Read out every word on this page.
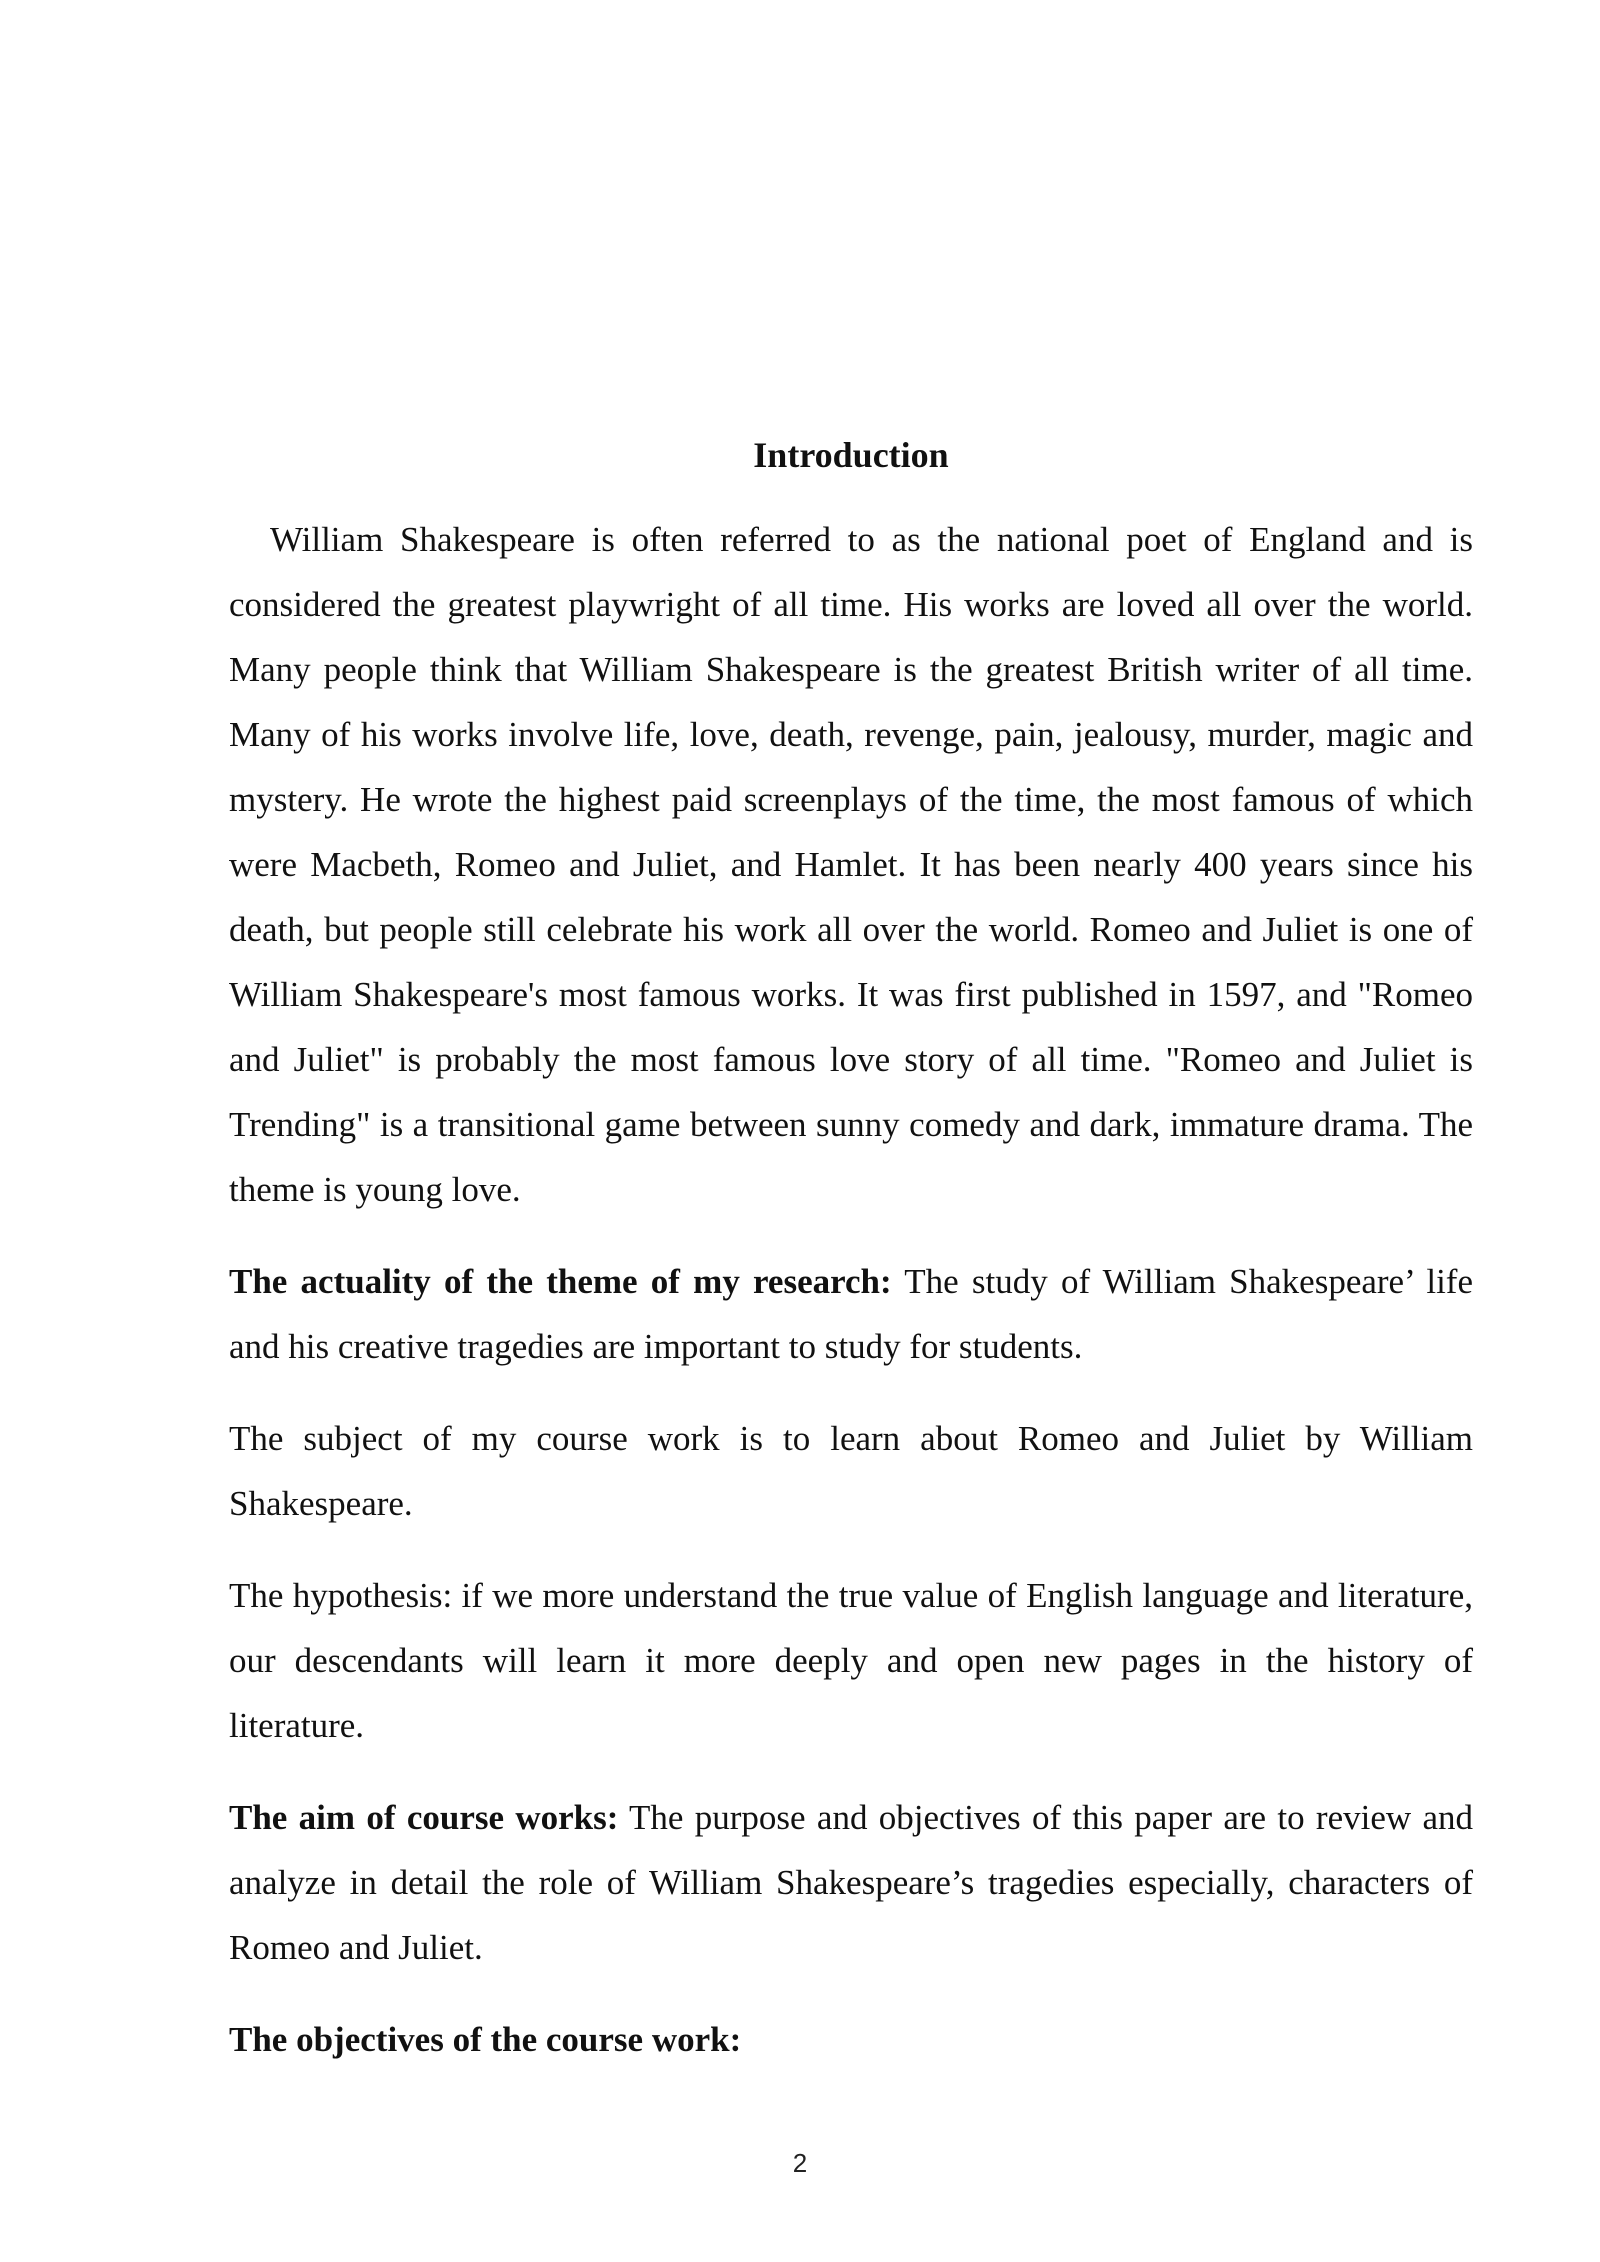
Introduction

William Shakespeare is often referred to as the national poet of England and is considered the greatest playwright of all time. His works are loved all over the world. Many people think that William Shakespeare is the greatest British writer of all time. Many of his works involve life, love, death, revenge, pain, jealousy, murder, magic and mystery. He wrote the highest paid screenplays of the time, the most famous of which were Macbeth, Romeo and Juliet, and Hamlet. It has been nearly 400 years since his death, but people still celebrate his work all over the world. Romeo and Juliet is one of William Shakespeare's most famous works. It was first published in 1597, and "Romeo and Juliet" is probably the most famous love story of all time. "Romeo and Juliet is Trending" is a transitional game between sunny comedy and dark, immature drama. The theme is young love.

The actuality of the theme of my research: The study of William Shakespeare’ life and his creative tragedies are important to study for students.

The subject of my course work is to learn about Romeo and Juliet by William Shakespeare.

The hypothesis: if we more understand the true value of English language and literature, our descendants will learn it more deeply and open new pages in the history of literature.

The aim of course works: The purpose and objectives of this paper are to review and analyze in detail the role of William Shakespeare’s tragedies especially, characters of Romeo and Juliet.

The objectives of the course work:

2
